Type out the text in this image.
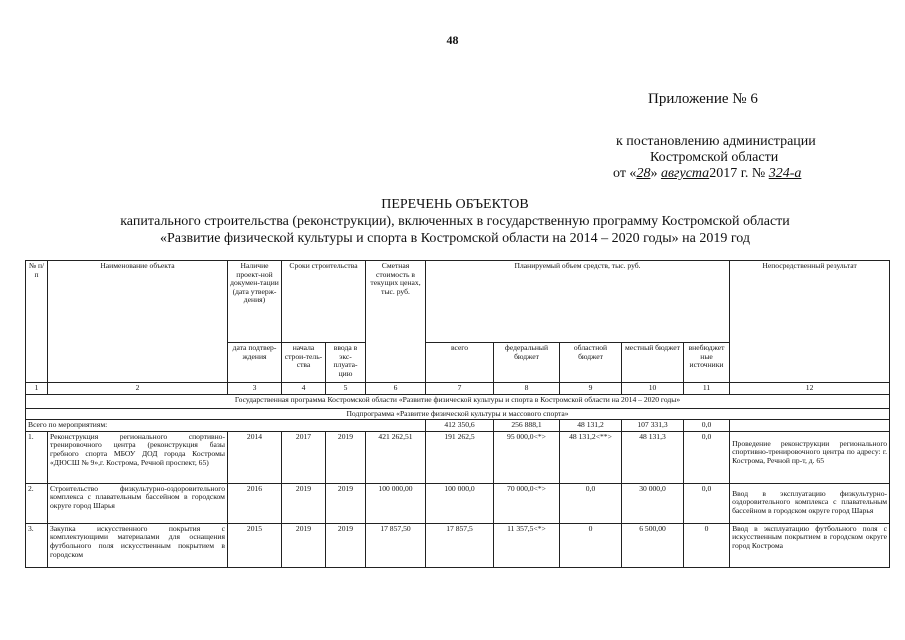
48
Приложение № 6
к постановлению администрации
Костромской области
от «28» августа2017 г. № 324-а
ПЕРЕЧЕНЬ ОБЪЕКТОВ
капитального строительства (реконструкции), включенных в государственную программу Костромской области
«Развитие физической культуры и спорта в Костромской области на 2014 – 2020 годы» на 2019 год
№ п/ п	Наименование объекта	Наличие проект-ной докумен-тации (дата утверж-дения)	Сроки строительства		Сметная стоимость в текущих ценах, тыс. руб.	Планируемый объем средств, тыс. руб.					Непосредственный результат
		дата подтвер-ждения	начала строи-тель-ства	ввода в экс-плуата-цию		всего	федеральный бюджет	областной бюджет	местный бюджет	внебюджет ные источники	
1	2	3	4	5	6	7	8	9	10	11	12
Государственная программа Костромской области «Развитие физической культуры и спорта в Костромской области на 2014 – 2020 годы»											
Подпрограмма «Развитие физической культуры и массового спорта»											
Всего по мероприятиям:						412 350,6	256 888,1	48 131,2	107 331,3	0,0	
1.	Реконструкция регионального спортивно-тренировочного центра (реконструкция базы гребного спорта МБОУ ДОД города Костромы «ДЮСШ № 9»,г. Кострома, Речной проспект, 65)	2014	2017	2019	421 262,51	191 262,5	95 000,0<*>	48 131,2<**>	48 131,3	0,0	Проведение реконструкции регионального спортивно-тренировочного центра по адресу: г. Кострома, Речной пр-т, д. 65
2.	Строительство физкультурно-оздоровительного комплекса с плавательным бассейном в городском округе город Шарья	2016	2019	2019	100 000,00	100 000,0	70 000,0<*>	0,0	30 000,0	0,0	Ввод в эксплуатацию физкультурно-оздоровительного комплекса с плавательным бассейном в городском округе город Шарья
3.	Закупка искусственного покрытия с комплектующими материалами для оснащения футбольного поля искусственным покрытием в городском	2015	2019	2019	17 857,50	17 857,5	11 357,5<*>	0	6 500,00	0	Ввод в эксплуатацию футбольного поля с искусственным покрытием в городском округе город Кострома
